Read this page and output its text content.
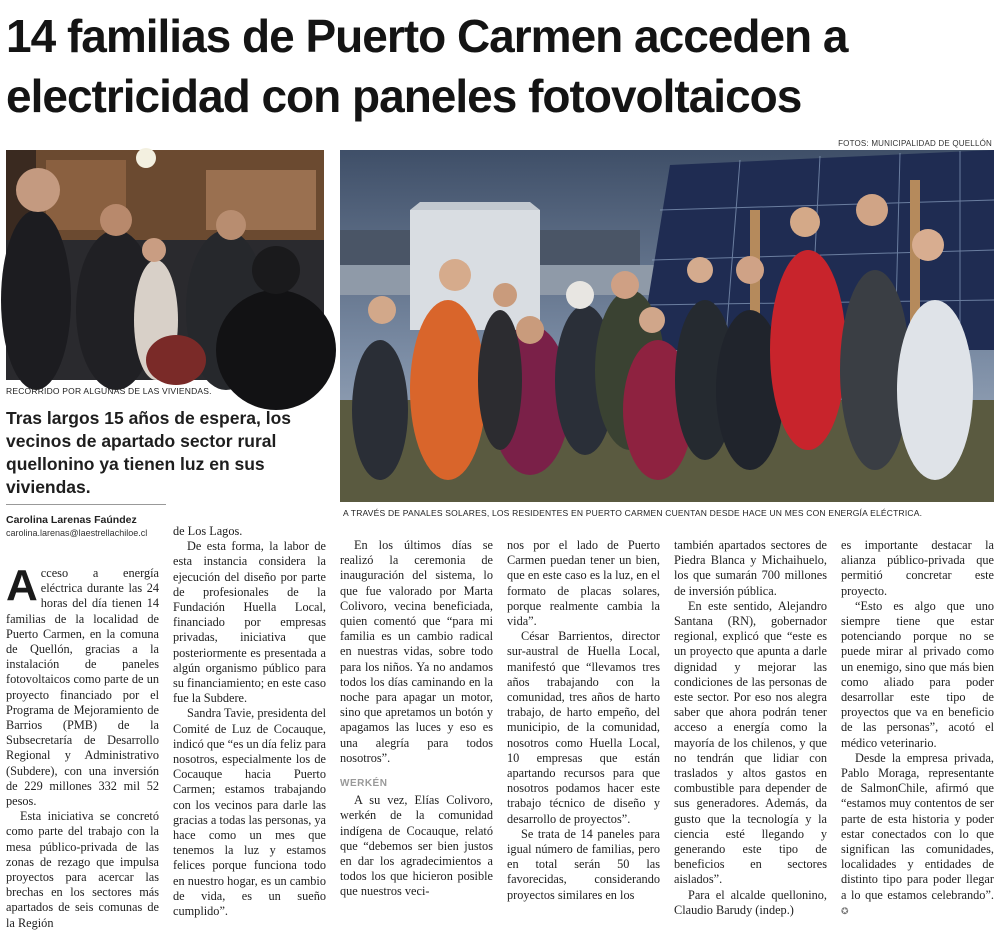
14 familias de Puerto Carmen acceden a electricidad con paneles fotovoltaicos
FOTOS: MUNICIPALIDAD DE QUELLÓN
RECORRIDO POR ALGUNAS DE LAS VIVIENDAS.
A TRAVÉS DE PANALES SOLARES, LOS RESIDENTES EN PUERTO CARMEN CUENTAN DESDE HACE UN MES CON ENERGÍA ELÉCTRICA.
Tras largos 15 años de espera, los vecinos de apartado sector rural quellonino ya tienen luz en sus viviendas.
Carolina Larenas Faúndez
carolina.larenas@laestrellachiloe.cl

Acceso a energía eléctrica durante las 24 horas del día tienen 14 familias de la localidad de Puerto Carmen, en la comuna de Quellón, gracias a la instalación de paneles fotovoltaicos como parte de un proyecto financiado por el Programa de Mejoramiento de Barrios (PMB) de la Subsecretaría de Desarrollo Regional y Administrativo (Subdere), con una inversión de 229 millones 332 mil 52 pesos.

Esta iniciativa se concretó como parte del trabajo con la mesa público-privada de las zonas de rezago que impulsa proyectos para acercar las brechas en los sectores más apartados de seis comunas de la Región

de Los Lagos.

De esta forma, la labor de esta instancia considera la ejecución del diseño por parte de profesionales de la Fundación Huella Local, financiado por empresas privadas, iniciativa que posteriormente es presentada a algún organismo público para su financiamiento; en este caso fue la Subdere.

Sandra Tavie, presidenta del Comité de Luz de Cocauque, indicó que “es un día feliz para nosotros, especialmente los de Cocauque hacia Puerto Carmen; estamos trabajando con los vecinos para darle las gracias a todas las personas, ya hace como un mes que tenemos la luz y estamos felices porque funciona todo en nuestro hogar, es un cambio de vida, es un sueño cumplido”.

En los últimos días se realizó la ceremonia de inauguración del sistema, lo que fue valorado por Marta Colivoro, vecina beneficiada, quien comentó que “para mi familia es un cambio radical en nuestras vidas, sobre todo para los niños. Ya no andamos todos los días caminando en la noche para apagar un motor, sino que apretamos un botón y apagamos las luces y eso es una alegría para todos nosotros”.

WERKÉN

A su vez, Elías Colivoro, werkén de la comunidad indígena de Cocauque, relató que “debemos ser bien justos en dar los agradecimientos a todos los que hicieron posible que nuestros veci-

nos por el lado de Puerto Carmen puedan tener un bien, que en este caso es la luz, en el formato de placas solares, porque realmente cambia la vida”.

César Barrientos, director sur-austral de Huella Local, manifestó que “llevamos tres años trabajando con la comunidad, tres años de harto trabajo, de harto empeño, del municipio, de la comunidad, nosotros como Huella Local, 10 empresas que están apartando recursos para que nosotros podamos hacer este trabajo técnico de diseño y desarrollo de proyectos”.

Se trata de 14 paneles para igual número de familias, pero en total serán 50 las favorecidas, considerando proyectos similares en los

también apartados sectores de Piedra Blanca y Michaihuelo, los que sumarán 700 millones de inversión pública.

En este sentido, Alejandro Santana (RN), gobernador regional, explicó que “este es un proyecto que apunta a darle dignidad y mejorar las condiciones de las personas de este sector. Por eso nos alegra saber que ahora podrán tener acceso a energía como la mayoría de los chilenos, y que no tendrán que lidiar con traslados y altos gastos en combustible para depender de sus generadores. Además, da gusto que la tecnología y la ciencia esté llegando y generando este tipo de beneficios en sectores aislados”.

Para el alcalde quellonino, Claudio Barudy (indep.)

es importante destacar la alianza público-privada que permitió concretar este proyecto.

“Esto es algo que uno siempre tiene que estar potenciando porque no se puede mirar al privado como un enemigo, sino que más bien como aliado para poder desarrollar este tipo de proyectos que va en beneficio de las personas”, acotó el médico veterinario.

Desde la empresa privada, Pablo Moraga, representante de SalmonChile, afirmó que “estamos muy contentos de ser parte de esta historia y poder estar conectados con lo que significan las comunidades, localidades y entidades de distinto tipo para poder llegar a lo que estamos celebrando”. ✪
